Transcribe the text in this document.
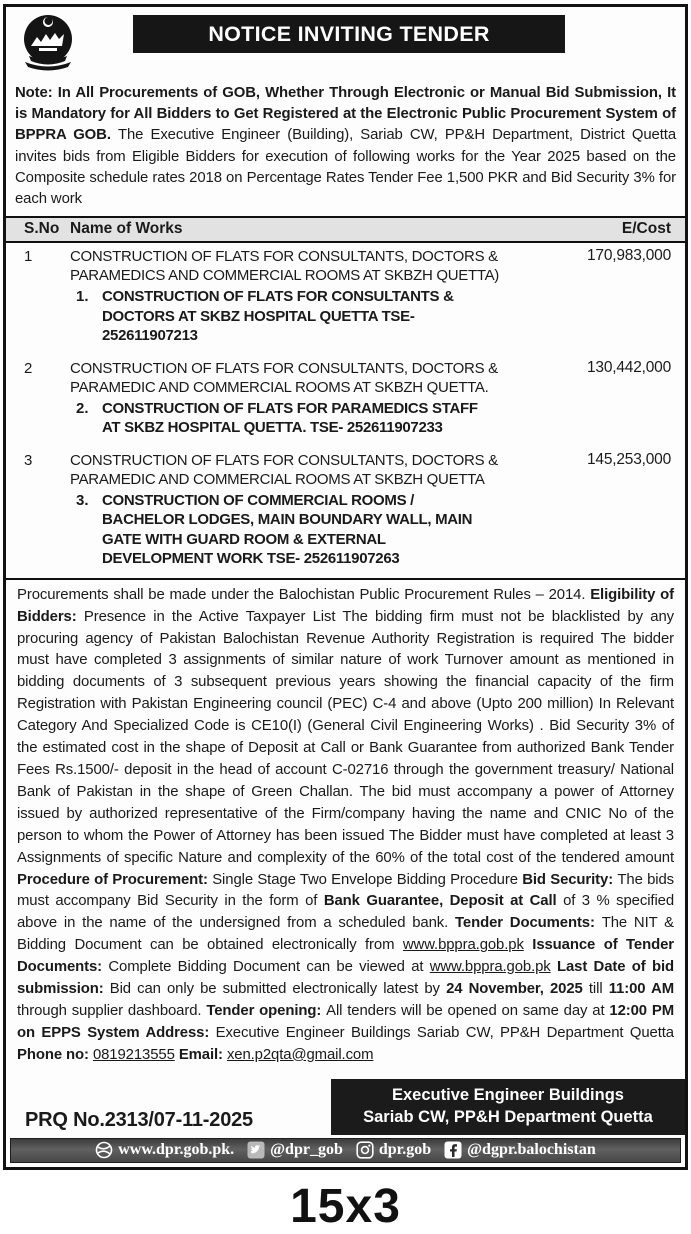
NOTICE INVITING TENDER

Note: In All Procurements of GOB, Whether Through Electronic or Manual Bid Submission, It is Mandatory for All Bidders to Get Registered at the Electronic Public Procurement System of BPPRA GOB. The Executive Engineer (Building), Sariab CW, PP&H Department, District Quetta invites bids from Eligible Bidders for execution of following works for the Year 2025 based on the Composite schedule rates 2018 on Percentage Rates Tender Fee 1,500 PKR and Bid Security 3% for each work

S.No Name of Works	E/Cost
1	CONSTRUCTION OF FLATS FOR CONSULTANTS, DOCTORS & PARAMEDICS AND COMMERCIAL ROOMS AT SKBZH QUETTA)
1. CONSTRUCTION OF FLATS FOR CONSULTANTS & DOCTORS AT SKBZ HOSPITAL QUETTA TSE- 252611907213
170,983,000
2	CONSTRUCTION OF FLATS FOR CONSULTANTS, DOCTORS & PARAMEDIC AND COMMERCIAL ROOMS AT SKBZH QUETTA.
2. CONSTRUCTION OF FLATS FOR PARAMEDICS STAFF AT SKBZ HOSPITAL QUETTA. TSE- 252611907233
130,442,000
3	CONSTRUCTION OF FLATS FOR CONSULTANTS, DOCTORS & PARAMEDIC AND COMMERCIAL ROOMS AT SKBZH QUETTA
3. CONSTRUCTION OF COMMERCIAL ROOMS / BACHELOR LODGES, MAIN BOUNDARY WALL, MAIN GATE WITH GUARD ROOM & EXTERNAL DEVELOPMENT WORK TSE- 252611907263
145,253,000

Procurements shall be made under the Balochistan Public Procurement Rules – 2014. Eligibility of Bidders: Presence in the Active Taxpayer List The bidding firm must not be blacklisted by any procuring agency of Pakistan Balochistan Revenue Authority Registration is required The bidder must have completed 3 assignments of similar nature of work Turnover amount as mentioned in bidding documents of 3 subsequent previous years showing the financial capacity of the firm Registration with Pakistan Engineering council (PEC) C-4 and above (Upto 200 million) In Relevant Category And Specialized Code is CE10(I) (General Civil Engineering Works) . Bid Security 3% of the estimated cost in the shape of Deposit at Call or Bank Guarantee from authorized Bank Tender Fees Rs.1500/- deposit in the head of account C-02716 through the government treasury/ National Bank of Pakistan in the shape of Green Challan. The bid must accompany a power of Attorney issued by authorized representative of the Firm/company having the name and CNIC No of the person to whom the Power of Attorney has been issued The Bidder must have completed at least 3 Assignments of specific Nature and complexity of the 60% of the total cost of the tendered amount Procedure of Procurement: Single Stage Two Envelope Bidding Procedure Bid Security: The bids must accompany Bid Security in the form of Bank Guarantee, Deposit at Call of 3 % specified above in the name of the undersigned from a scheduled bank. Tender Documents: The NIT & Bidding Document can be obtained electronically from www.bppra.gob.pk Issuance of Tender Documents: Complete Bidding Document can be viewed at www.bppra.gob.pk Last Date of bid submission: Bid can only be submitted electronically latest by 24 November, 2025 till 11:00 AM through supplier dashboard. Tender opening: All tenders will be opened on same day at 12:00 PM on EPPS System Address: Executive Engineer Buildings Sariab CW, PP&H Department Quetta Phone no: 0819213555 Email: xen.p2qta@gmail.com

PRQ No.2313/07-11-2025
Executive Engineer Buildings
Sariab CW, PP&H Department Quetta
www.dpr.gob.pk. @dpr_gob dpr.gob @dgpr.balochistan
15x3
